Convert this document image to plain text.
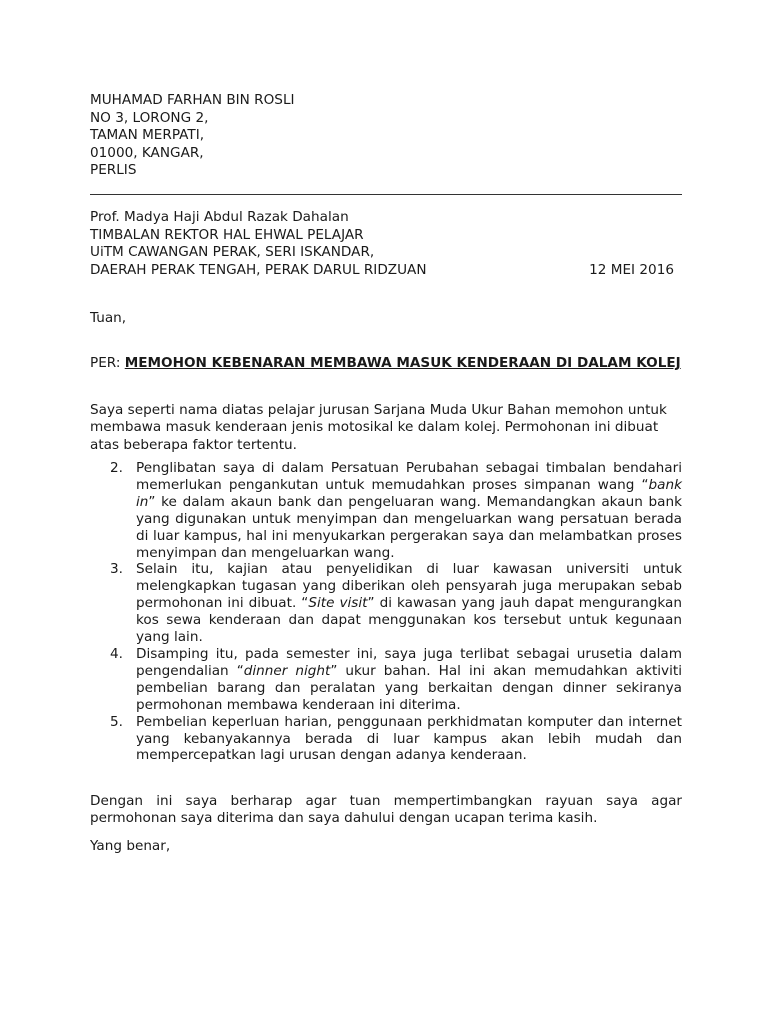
MUHAMAD FARHAN BIN ROSLI
NO 3, LORONG 2,
TAMAN MERPATI,
01000, KANGAR,
PERLIS
Prof. Madya Haji Abdul Razak Dahalan
TIMBALAN REKTOR HAL EHWAL PELAJAR
UiTM CAWANGAN PERAK, SERI ISKANDAR,
DAERAH PERAK TENGAH, PERAK DARUL RIDZUAN	12 MEI 2016
Tuan,
PER: MEMOHON KEBENARAN MEMBAWA MASUK KENDERAAN DI DALAM KOLEJ
Saya seperti nama diatas pelajar jurusan Sarjana Muda Ukur Bahan memohon untuk membawa masuk kenderaan jenis motosikal ke dalam kolej. Permohonan ini dibuat atas beberapa faktor tertentu.
2. Penglibatan saya di dalam Persatuan Perubahan sebagai timbalan bendahari memerlukan pengankutan untuk memudahkan proses simpanan wang “bank in” ke dalam akaun bank dan pengeluaran wang. Memandangkan akaun bank yang digunakan untuk menyimpan dan mengeluarkan wang persatuan berada di luar kampus, hal ini menyukarkan pergerakan saya dan melambatkan proses menyimpan dan mengeluarkan wang.
3. Selain itu, kajian atau penyelidikan di luar kawasan universiti untuk melengkapkan tugasan yang diberikan oleh pensyarah juga merupakan sebab permohonan ini dibuat. “Site visit” di kawasan yang jauh dapat mengurangkan kos sewa kenderaan dan dapat menggunakan kos tersebut untuk kegunaan yang lain.
4. Disamping itu, pada semester ini, saya juga terlibat sebagai urusetia dalam pengendalian “dinner night” ukur bahan. Hal ini akan memudahkan aktiviti pembelian barang dan peralatan yang berkaitan dengan dinner sekiranya permohonan membawa kenderaan ini diterima.
5. Pembelian keperluan harian, penggunaan perkhidmatan komputer dan internet yang kebanyakannya berada di luar kampus akan lebih mudah dan mempercepatkan lagi urusan dengan adanya kenderaan.
Dengan ini saya berharap agar tuan mempertimbangkan rayuan saya agar permohonan saya diterima dan saya dahului dengan ucapan terima kasih.
Yang benar,
